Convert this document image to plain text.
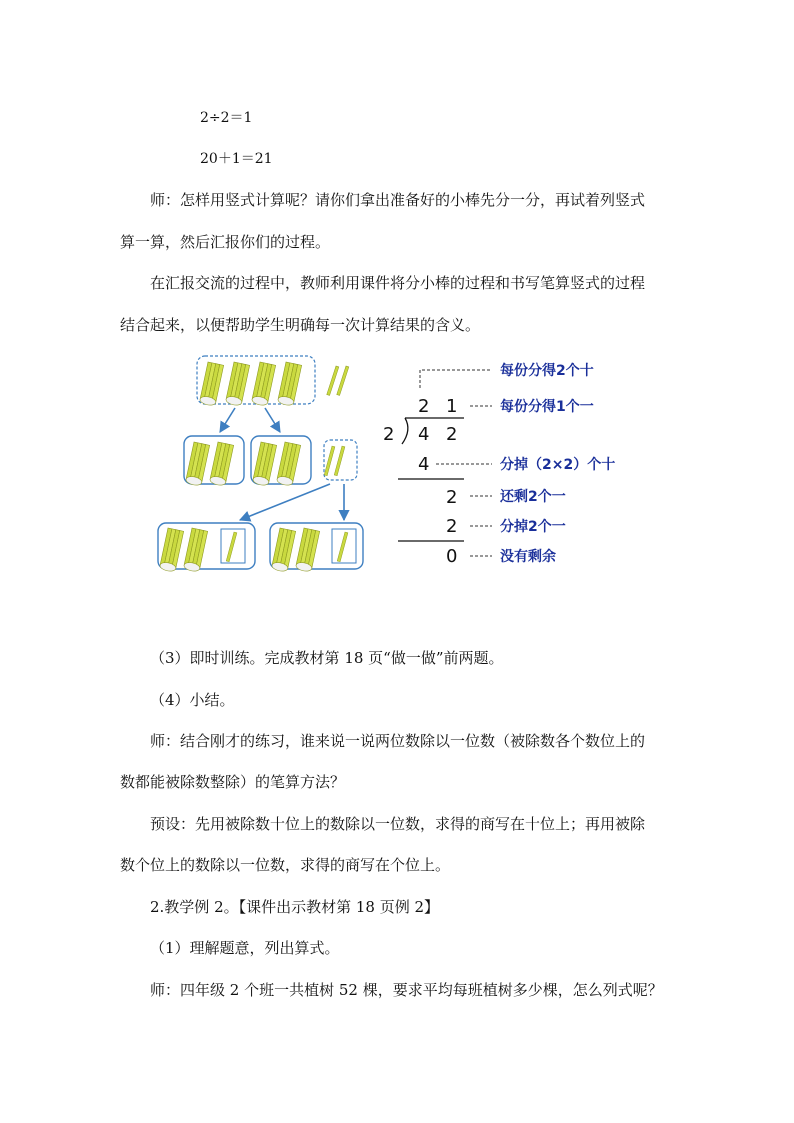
2÷2＝1
20＋1＝21
师：怎样用竖式计算呢？请你们拿出准备好的小棒先分一分，再试着列竖式
算一算，然后汇报你们的过程。
在汇报交流的过程中，教师利用课件将分小棒的过程和书写笔算竖式的过程
结合起来，以便帮助学生明确每一次计算结果的含义。
2 1
2 4 2
4
2
2
0
每份分得2个十
每份分得1个一
分掉（2×2）个十
还剩2个一
分掉2个一
没有剩余
（3）即时训练。完成教材第 18 页“做一做”前两题。
（4）小结。
师：结合刚才的练习，谁来说一说两位数除以一位数（被除数各个数位上的
数都能被除数整除）的笔算方法？
预设：先用被除数十位上的数除以一位数，求得的商写在十位上；再用被除
数个位上的数除以一位数，求得的商写在个位上。
2.教学例 2。【课件出示教材第 18 页例 2】
（1）理解题意，列出算式。
师：四年级 2 个班一共植树 52 棵，要求平均每班植树多少棵，怎么列式呢？
